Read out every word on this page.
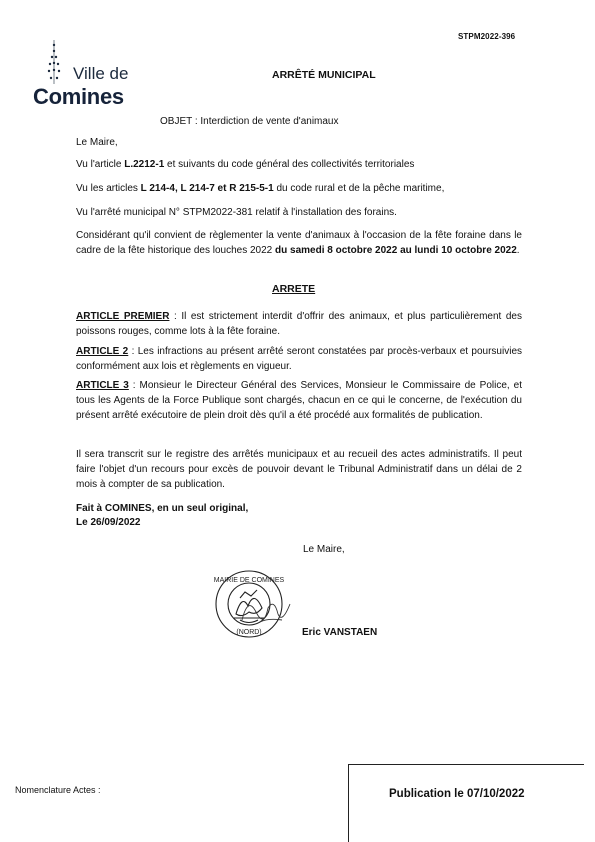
STPM2022-396
Ville de
Comines
ARRÊTÉ MUNICIPAL
OBJET : Interdiction de vente d'animaux
Le Maire,
Vu l'article L.2212-1 et suivants du code général des collectivités territoriales
Vu les articles L 214-4, L 214-7 et R 215-5-1 du code rural et de la pêche maritime,
Vu l'arrêté municipal N° STPM2022-381 relatif à l'installation des forains.
Considérant qu'il convient de règlementer la vente d'animaux à l'occasion de la fête foraine dans le cadre de la fête historique des louches 2022 du samedi 8 octobre 2022 au lundi 10 octobre 2022.
ARRETE
ARTICLE PREMIER : Il est strictement interdit d'offrir des animaux, et plus particulièrement des poissons rouges, comme lots à la fête foraine.
ARTICLE 2 : Les infractions au présent arrêté seront constatées par procès-verbaux et poursuivies conformément aux lois et règlements en vigueur.
ARTICLE 3 : Monsieur le Directeur Général des Services, Monsieur le Commissaire de Police, et tous les Agents de la Force Publique sont chargés, chacun en ce qui le concerne, de l'exécution du présent arrêté exécutoire de plein droit dès qu'il a été procédé aux formalités de publication.
Il sera transcrit sur le registre des arrêtés municipaux et au recueil des actes administratifs. Il peut faire l'objet d'un recours pour excès de pouvoir devant le Tribunal Administratif dans un délai de 2 mois à compter de sa publication.
Fait à COMINES, en un seul original,
Le 26/09/2022
Le Maire,
MAIRIE DE COMINES
(NORD)	Eric VANSTAEN
Nomenclature Actes :	Publication le 07/10/2022
